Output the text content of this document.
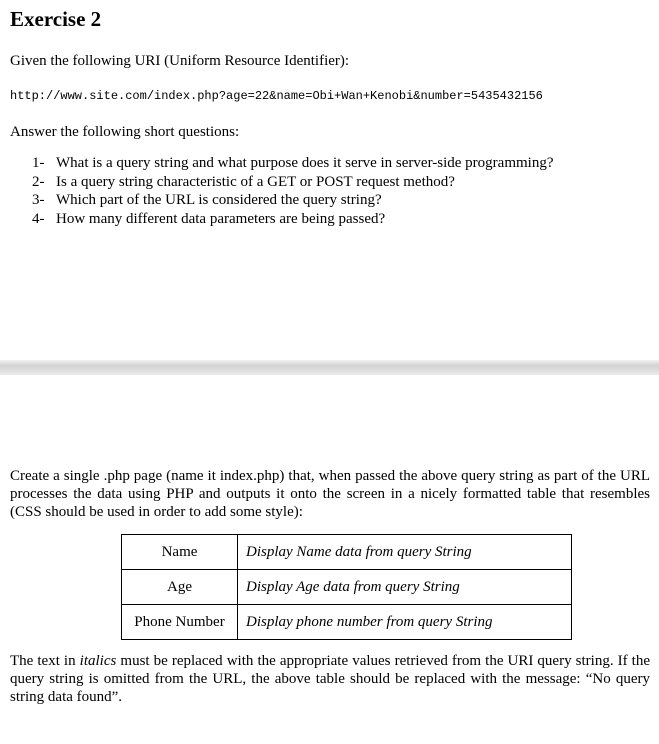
Exercise 2

Given the following URI (Uniform Resource Identifier):

http://www.site.com/index.php?age=22&name=Obi+Wan+Kenobi&number=5435432156

Answer the following short questions:

1- What is a query string and what purpose does it serve in server-side programming?
2- Is a query string characteristic of a GET or POST request method?
3- Which part of the URL is considered the query string?
4- How many different data parameters are being passed?

Create a single .php page (name it index.php) that, when passed the above query string as part of the URL processes the data using PHP and outputs it onto the screen in a nicely formatted table that resembles (CSS should be used in order to add some style):

Name	Display Name data from query String
Age	Display Age data from query String
Phone Number	Display phone number from query String

The text in italics must be replaced with the appropriate values retrieved from the URI query string. If the query string is omitted from the URL, the above table should be replaced with the message: “No query string data found”.
